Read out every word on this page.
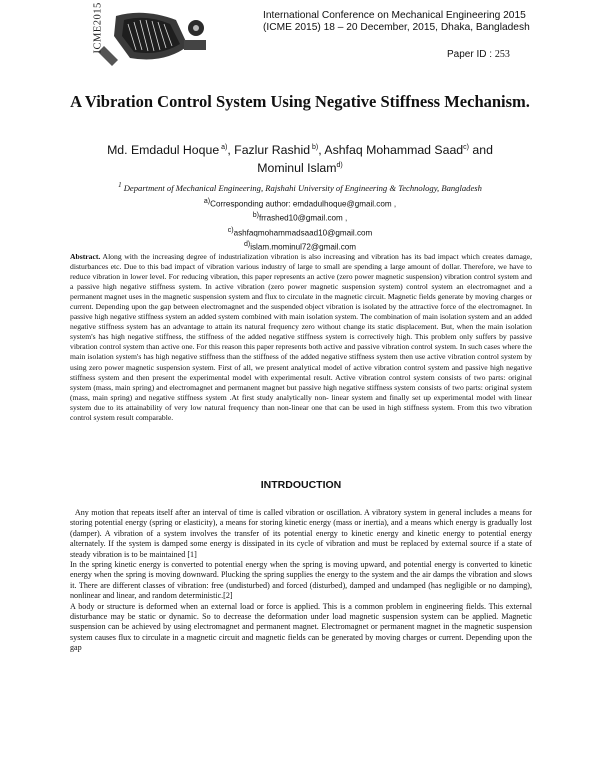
ICME2015	International Conference on Mechanical Engineering 2015
(ICME 2015) 18 – 20 December, 2015, Dhaka, Bangladesh
Paper ID : 253
A Vibration Control System Using Negative Stiffness Mechanism.
Md. Emdadul Hoque $^{a)}$, Fazlur Rashid $^{b)}$, Ashfaq Mohammad Saad$^{c)}$ and
Mominul Islam$^{d)}$
$^1$ Department of Mechanical Engineering, Rajshahi University of Engineering & Technology, Bangladesh
$^{a)}$Corresponding author: emdadulhoque@gmail.com ,
$^{b)}$frrashed10@gmail.com ,
$^{c)}$ashfaqmohammadsaad10@gmail.com
$^{d)}$islam.mominul72@gmail.com
Abstract. Along with the increasing degree of industrialization vibration is also increasing and vibration has its bad impact which creates damage, disturbances etc. Due to this bad impact of vibration various industry of large to small are spending a large amount of dollar. Therefore, we have to reduce vibration in lower level. For reducing vibration, this paper represents an active (zero power magnetic suspension) vibration control system and a passive high negative stiffness system. In active vibration (zero power magnetic suspension system) control system an electromagnet and a permanent magnet uses in the magnetic suspension system and flux to circulate in the magnetic circuit. Magnetic fields generate by moving charges or current. Depending upon the gap between electromagnet and the suspended object vibration is isolated by the attractive force of the electromagnet. In passive high negative stiffness system an added system combined with main isolation system. The combination of main isolation system and an added negative stiffness system has an advantage to attain its natural frequency zero without change its static displacement. But, when the main isolation system's has high negative stiffness, the stiffness of the added negative stiffness system is correctively high. This problem only suffers by passive vibration control system than active one. For this reason this paper represents both active and passive vibration control system. In such cases where the main isolation system's has high negative stiffness than the stiffness of the added negative stiffness system then use active vibration control system by using zero power magnetic suspension system. First of all, we present analytical model of active vibration control system and passive high negative stiffness system and then present the experimental model with experimental result. Active vibration control system consists of two parts: original system (mass, main spring) and electromagnet and permanent magnet but passive high negative stiffness system consists of two parts: original system (mass, main spring) and negative stiffness system .At first study analytically non- linear system and finally set up experimental model with linear system due to its attainability of very low natural frequency than non-linear one that can be used in high stiffness system. From this two vibration control system result comparable.
INTRDOUCTION

Any motion that repeats itself after an interval of time is called vibration or oscillation. A vibratory system in general includes a means for storing potential energy (spring or elasticity), a means for storing kinetic energy (mass or inertia), and a means which energy is gradually lost (damper). A vibration of a system involves the transfer of its potential energy to kinetic energy and kinetic energy to potential energy alternately. If the system is damped some energy is dissipated in its cycle of vibration and must be replaced by external source if a state of steady vibration is to be maintained [1]

In the spring kinetic energy is converted to potential energy when the spring is moving upward, and potential energy is converted to kinetic energy when the spring is moving downward. Plucking the spring supplies the energy to the system and the air damps the vibration and slows it. There are different classes of vibration: free (undisturbed) and forced (disturbed), damped and undamped (has negligible or no damping), nonlinear and linear, and random deterministic.[2]

A body or structure is deformed when an external load or force is applied. This is a common problem in engineering fields. This external disturbance may be static or dynamic. So to decrease the deformation under load magnetic suspension system can be applied. Magnetic suspension can be achieved by using electromagnet and permanent magnet. Electromagnet or permanent magnet in the magnetic suspension system causes flux to circulate in a magnetic circuit and magnetic fields can be generated by moving charges or current. Depending upon the gap
